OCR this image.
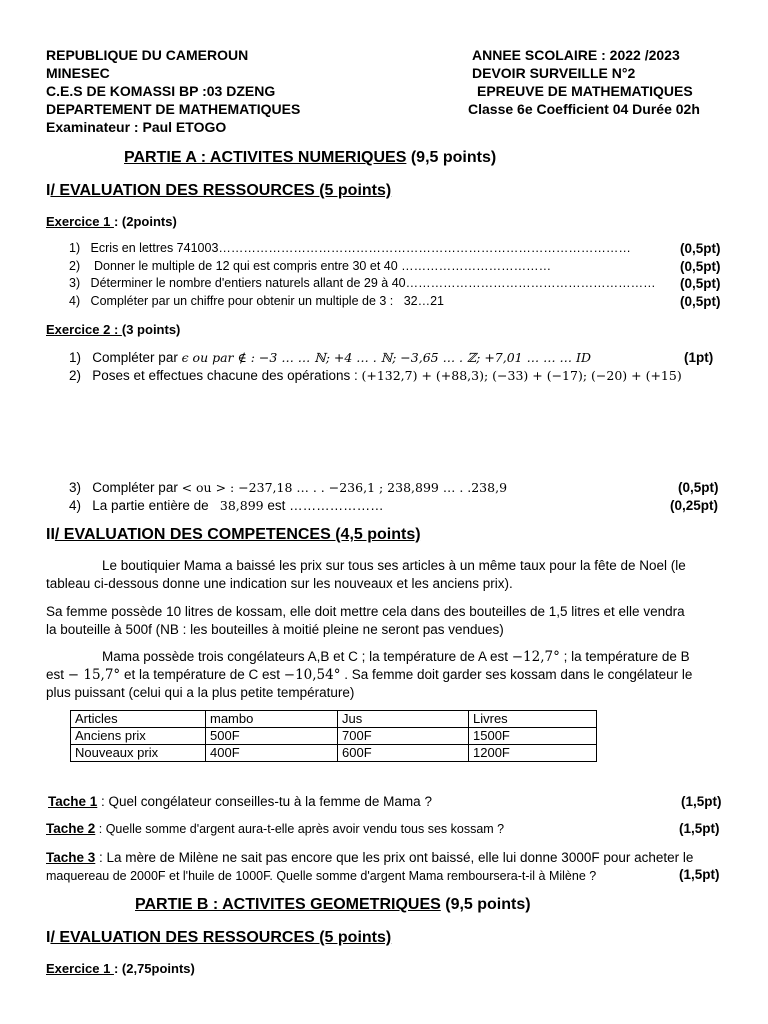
REPUBLIQUE DU CAMEROUN
MINESEC
C.E.S DE KOMASSI BP :03 DZENG
DEPARTEMENT DE MATHEMATIQUES
Examinateur : Paul ETOGO
ANNEE SCOLAIRE : 2022 /2023
DEVOIR SURVEILLE N°2
EPREUVE DE MATHEMATIQUES
Classe 6e Coefficient 04 Durée 02h
PARTIE A : ACTIVITES NUMERIQUES (9,5 points)
I/ EVALUATION DES RESSOURCES (5 points)
Exercice 1 : (2points)
1) Ecris en lettres 741003………………………………………………………………………………………	(0,5pt)
2)    Donner le multiple de 12 qui est compris entre 30 et 40 ………………………………	(0,5pt)
3) Déterminer le nombre d'entiers naturels allant de 29 à 40…………………………………………………… (0,5pt)
4) Compléter par un chiffre pour obtenir un multiple de 3 : 32…21	(0,5pt)
Exercice 2 : (3 points)
1) Compléter par ϵ ou par ∉ : −3 … … ℕ; +4 … . ℕ; −3,65 … . ℤ; +7,01 … … … ID	(1pt)
2) Poses et effectues chacune des opérations : (+132,7) + (+88,3); (−33) + (−17); (−20) + (+15)
3) Compléter par < ou > : −237,18 … . . −236,1 ; 238,899 … . .238,9	(0,5pt)
4) La partie entière de   38,899 est …………………	(0,25pt)
II/ EVALUATION DES COMPETENCES (4,5 points)
Le boutiquier Mama a baissé les prix sur tous ses articles à un même taux pour la fête de Noel (le
tableau ci-dessous donne une indication sur les nouveaux et les anciens prix).
Sa femme possède 10 litres de kossam, elle doit mettre cela dans des bouteilles de 1,5 litres et elle vendra
la bouteille à 500f (NB : les bouteilles à moitié pleine ne seront pas vendues)
Mama possède trois congélateurs A,B et C ; la température de A est −12,7° ; la température de B
est − 15,7° et la température de C est −10,54° . Sa femme doit garder ses kossam dans le congélateur le
plus puissant (celui qui a la plus petite température)
Articles	mambo	Jus	Livres
Anciens prix	500F	700F	1500F
Nouveaux prix	400F	600F	1200F
Tache 1 : Quel congélateur conseilles-tu à la femme de Mama ?	(1,5pt)
Tache 2 : Quelle somme d'argent aura-t-elle après avoir vendu tous ses kossam ?	(1,5pt)
Tache 3 : La mère de Milène ne sait pas encore que les prix ont baissé, elle lui donne 3000F pour acheter le
maquereau de 2000F et l'huile de 1000F. Quelle somme d'argent Mama remboursera-t-il à Milène ?	(1,5pt)
PARTIE B : ACTIVITES GEOMETRIQUES (9,5 points)
I/ EVALUATION DES RESSOURCES (5 points)
Exercice 1 : (2,75points)
